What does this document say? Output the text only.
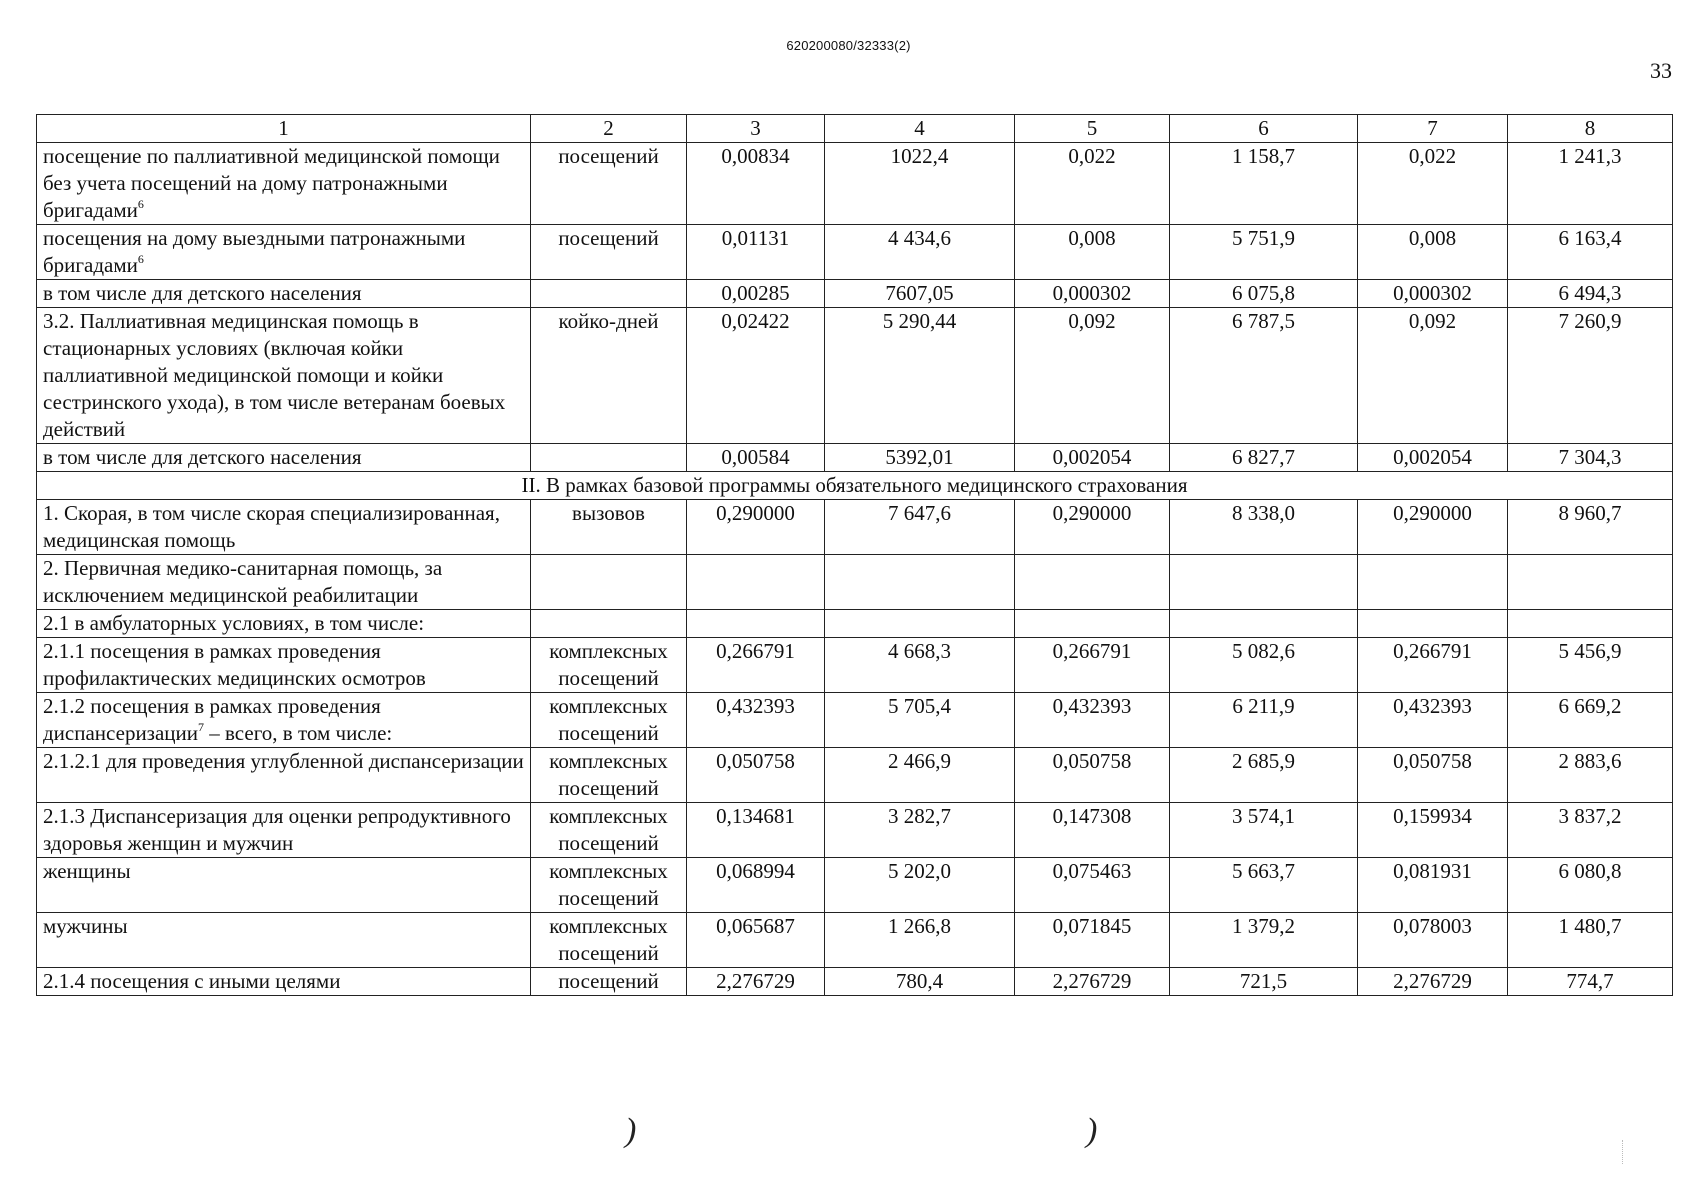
620200080/32333(2)
33
1	2	3	4	5	6	7	8
посещение по паллиативной медицинской помощи без учета посещений на дому патронажными бригадами$^6$	посещений	0,00834	1022,4	0,022	1 158,7	0,022	1 241,3
посещения на дому выездными патронажными бригадами$^6$	посещений	0,01131	4 434,6	0,008	5 751,9	0,008	6 163,4
в том числе для детского населения		0,00285	7607,05	0,000302	6 075,8	0,000302	6 494,3
3.2. Паллиативная медицинская помощь в стационарных условиях (включая койки паллиативной медицинской помощи и койки сестринского ухода), в том числе ветеранам боевых действий	койко-дней	0,02422	5 290,44	0,092	6 787,5	0,092	7 260,9
в том числе для детского населения		0,00584	5392,01	0,002054	6 827,7	0,002054	7 304,3
II. В рамках базовой программы обязательного медицинского страхования							
1. Скорая, в том числе скорая специализированная, медицинская помощь	вызовов	0,290000	7 647,6	0,290000	8 338,0	0,290000	8 960,7
2. Первичная медико-санитарная помощь, за исключением медицинской реабилитации							
2.1 в амбулаторных условиях, в том числе:							
2.1.1 посещения в рамках проведения профилактических медицинских осмотров	комплексных посещений	0,266791	4 668,3	0,266791	5 082,6	0,266791	5 456,9
2.1.2 посещения в рамках проведения диспансеризации$^7$ – всего, в том числе:	комплексных посещений	0,432393	5 705,4	0,432393	6 211,9	0,432393	6 669,2
2.1.2.1 для проведения углубленной диспансеризации	комплексных посещений	0,050758	2 466,9	0,050758	2 685,9	0,050758	2 883,6
2.1.3 Диспансеризация для оценки репродуктивного здоровья женщин и мужчин	комплексных посещений	0,134681	3 282,7	0,147308	3 574,1	0,159934	3 837,2
женщины	комплексных посещений	0,068994	5 202,0	0,075463	5 663,7	0,081931	6 080,8
мужчины	комплексных посещений	0,065687	1 266,8	0,071845	1 379,2	0,078003	1 480,7
2.1.4 посещения с иными целями	посещений	2,276729	780,4	2,276729	721,5	2,276729	774,7
)	)
